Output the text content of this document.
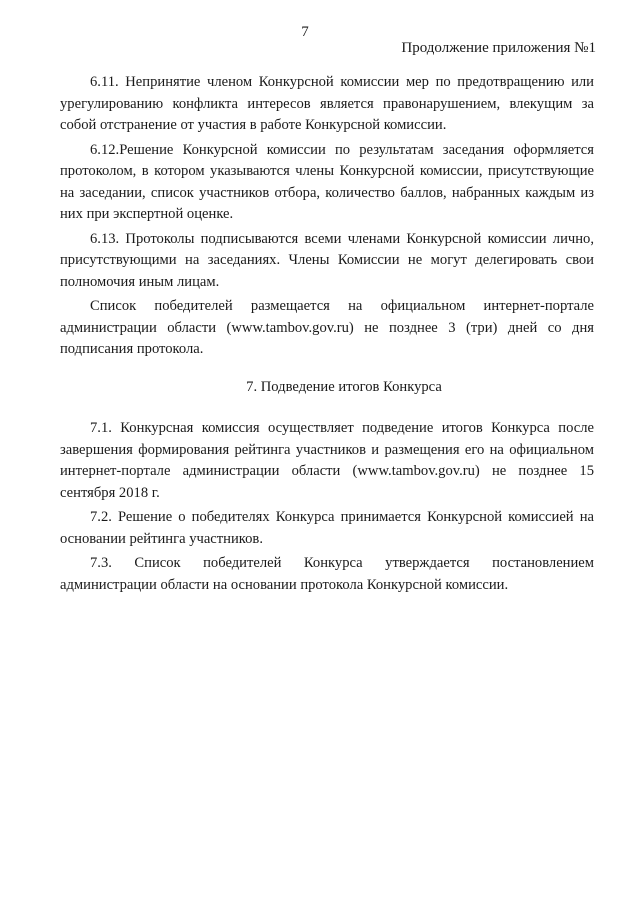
7
Продолжение приложения №1

6.11. Непринятие членом Конкурсной комиссии мер по предотвращению или урегулированию конфликта интересов является правонарушением, влекущим за собой отстранение от участия в работе Конкурсной комиссии.

6.12.Решение Конкурсной комиссии по результатам заседания оформляется протоколом, в котором указываются члены Конкурсной комиссии, присутствующие на заседании, список участников отбора, количество баллов, набранных каждым из них при экспертной оценке.

6.13. Протоколы подписываются всеми членами Конкурсной комиссии лично, присутствующими на заседаниях. Члены Комиссии не могут делегировать свои полномочия иным лицам.

Список победителей размещается на официальном интернет-портале администрации области (www.tambov.gov.ru) не позднее 3 (три) дней со дня подписания протокола.

7. Подведение итогов Конкурса

7.1. Конкурсная комиссия осуществляет подведение итогов Конкурса после завершения формирования рейтинга участников и размещения его на официальном интернет-портале администрации области (www.tambov.gov.ru) не позднее 15 сентября 2018 г.

7.2. Решение о победителях Конкурса принимается Конкурсной комиссией на основании рейтинга участников.

7.3. Список победителей Конкурса утверждается постановлением администрации области на основании протокола Конкурсной комиссии.
